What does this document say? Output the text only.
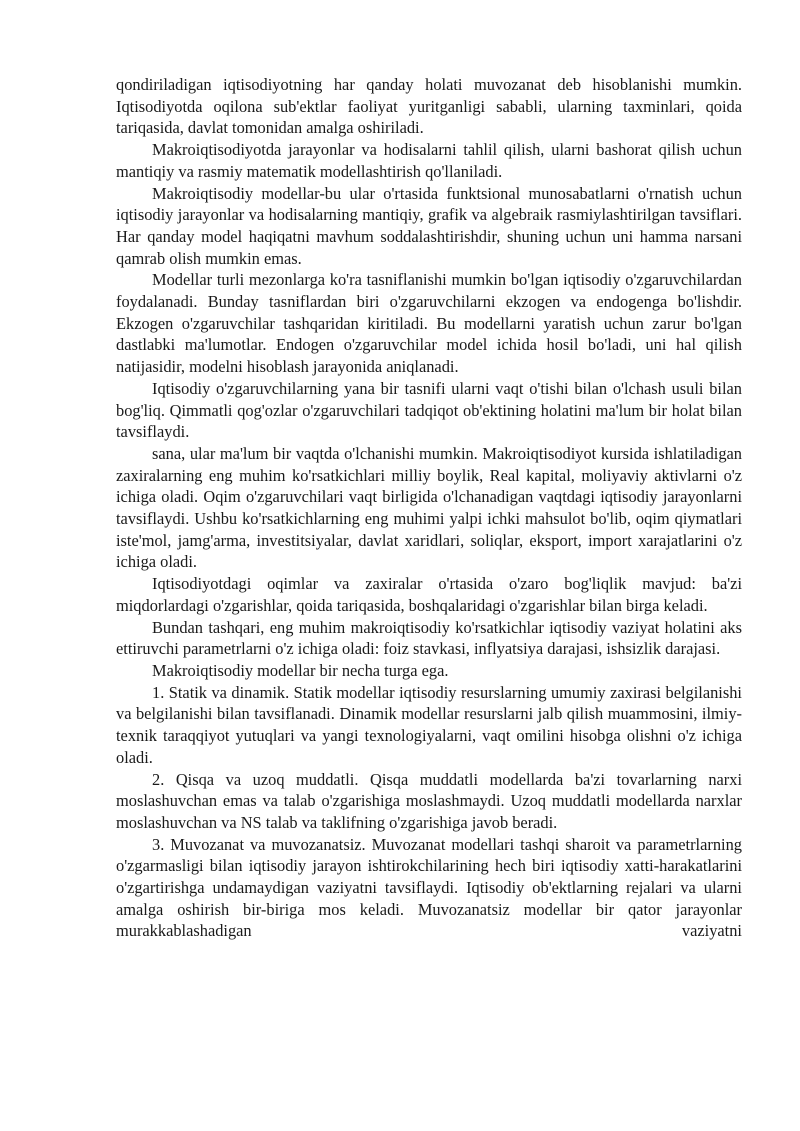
qondiriladigan iqtisodiyotning har qanday holati muvozanat deb hisoblanishi mumkin. Iqtisodiyotda oqilona sub'ektlar faoliyat yuritganligi sababli, ularning taxminlari, qoida tariqasida, davlat tomonidan amalga oshiriladi.

Makroiqtisodiyotda jarayonlar va hodisalarni tahlil qilish, ularni bashorat qilish uchun mantiqiy va rasmiy matematik modellashtirish qo'llaniladi.

Makroiqtisodiy modellar-bu ular o'rtasida funktsional munosabatlarni o'rnatish uchun iqtisodiy jarayonlar va hodisalarning mantiqiy, grafik va algebraik rasmiylashtirilgan tavsiflari. Har qanday model haqiqatni mavhum soddalashtirishdir, shuning uchun uni hamma narsani qamrab olish mumkin emas.

Modellar turli mezonlarga ko'ra tasniflanishi mumkin bo'lgan iqtisodiy o'zgaruvchilardan foydalanadi. Bunday tasniflardan biri o'zgaruvchilarni ekzogen va endogenga bo'lishdir. Ekzogen o'zgaruvchilar tashqaridan kiritiladi. Bu modellarni yaratish uchun zarur bo'lgan dastlabki ma'lumotlar. Endogen o'zgaruvchilar model ichida hosil bo'ladi, uni hal qilish natijasidir, modelni hisoblash jarayonida aniqlanadi.

Iqtisodiy o'zgaruvchilarning yana bir tasnifi ularni vaqt o'tishi bilan o'lchash usuli bilan bog'liq. Qimmatli qog'ozlar o'zgaruvchilari tadqiqot ob'ektining holatini ma'lum bir holat bilan tavsiflaydi.

sana, ular ma'lum bir vaqtda o'lchanishi mumkin. Makroiqtisodiyot kursida ishlatiladigan zaxiralarning eng muhim ko'rsatkichlari milliy boylik, Real kapital, moliyaviy aktivlarni o'z ichiga oladi. Oqim o'zgaruvchilari vaqt birligida o'lchanadigan vaqtdagi iqtisodiy jarayonlarni tavsiflaydi. Ushbu ko'rsatkichlarning eng muhimi yalpi ichki mahsulot bo'lib, oqim qiymatlari iste'mol, jamg'arma, investitsiyalar, davlat xaridlari, soliqlar, eksport, import xarajatlarini o'z ichiga oladi.

Iqtisodiyotdagi oqimlar va zaxiralar o'rtasida o'zaro bog'liqlik mavjud: ba'zi miqdorlardagi o'zgarishlar, qoida tariqasida, boshqalaridagi o'zgarishlar bilan birga keladi.

Bundan tashqari, eng muhim makroiqtisodiy ko'rsatkichlar iqtisodiy vaziyat holatini aks ettiruvchi parametrlarni o'z ichiga oladi: foiz stavkasi, inflyatsiya darajasi, ishsizlik darajasi.

Makroiqtisodiy modellar bir necha turga ega.

1. Statik va dinamik. Statik modellar iqtisodiy resurslarning umumiy zaxirasi belgilanishi va belgilanishi bilan tavsiflanadi. Dinamik modellar resurslarni jalb qilish muammosini, ilmiy-texnik taraqqiyot yutuqlari va yangi texnologiyalarni, vaqt omilini hisobga olishni o'z ichiga oladi.

2. Qisqa va uzoq muddatli. Qisqa muddatli modellarda ba'zi tovarlarning narxi moslashuvchan emas va talab o'zgarishiga moslashmaydi. Uzoq muddatli modellarda narxlar moslashuvchan va NS talab va taklifning o'zgarishiga javob beradi.

3. Muvozanat va muvozanatsiz. Muvozanat modellari tashqi sharoit va parametrlarning o'zgarmasligi bilan iqtisodiy jarayon ishtirokchilarining hech biri iqtisodiy xatti-harakatlarini o'zgartirishga undamaydigan vaziyatni tavsiflaydi. Iqtisodiy ob'ektlarning rejalari va ularni amalga oshirish bir-biriga mos keladi. Muvozanatsiz modellar bir qator jarayonlar murakkablashadigan vaziyatni
